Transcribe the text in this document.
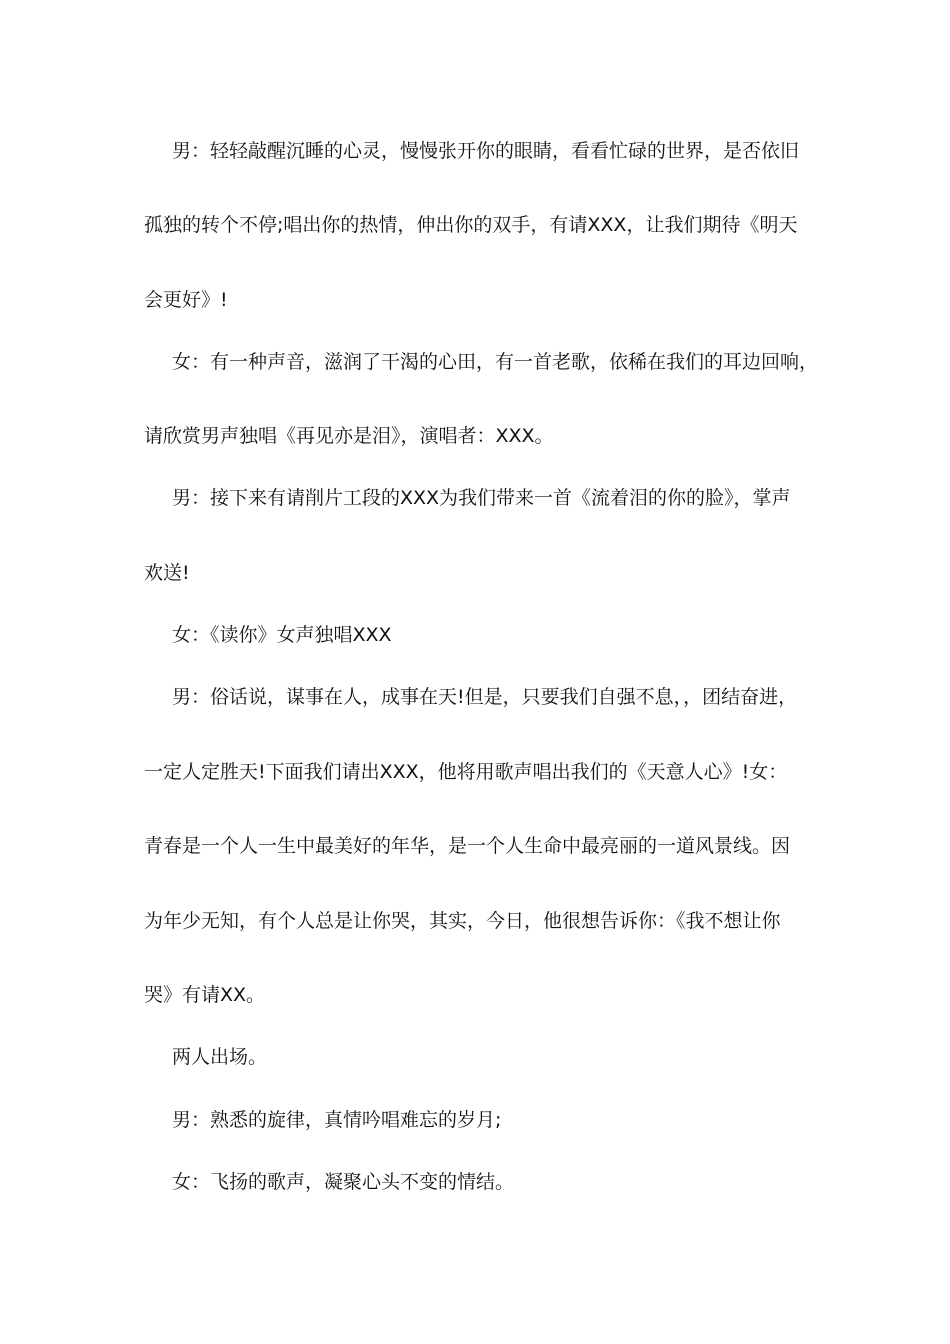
男：轻轻敲醒沉睡的心灵，慢慢张开你的眼睛，看看忙碌的世界，是否依旧
孤独的转个不停;唱出你的热情，伸出你的双手，有请XXX，让我们期待《明天
会更好》!
女：有一种声音，滋润了干渴的心田，有一首老歌，依稀在我们的耳边回响，
请欣赏男声独唱《再见亦是泪》，演唱者：XXX。
男：接下来有请削片工段的XXX为我们带来一首《流着泪的你的脸》，掌声
欢送!
女：《读你》女声独唱XXX
男：俗话说，谋事在人，成事在天!但是，只要我们自强不息，，团结奋进，
一定人定胜天!下面我们请出XXX，他将用歌声唱出我们的《天意人心》!女：
青春是一个人一生中最美好的年华，是一个人生命中最亮丽的一道风景线。因
为年少无知，有个人总是让你哭，其实，今日，他很想告诉你：《我不想让你
哭》有请XX。
两人出场。
男：熟悉的旋律，真情吟唱难忘的岁月;
女：飞扬的歌声，凝聚心头不变的情结。
